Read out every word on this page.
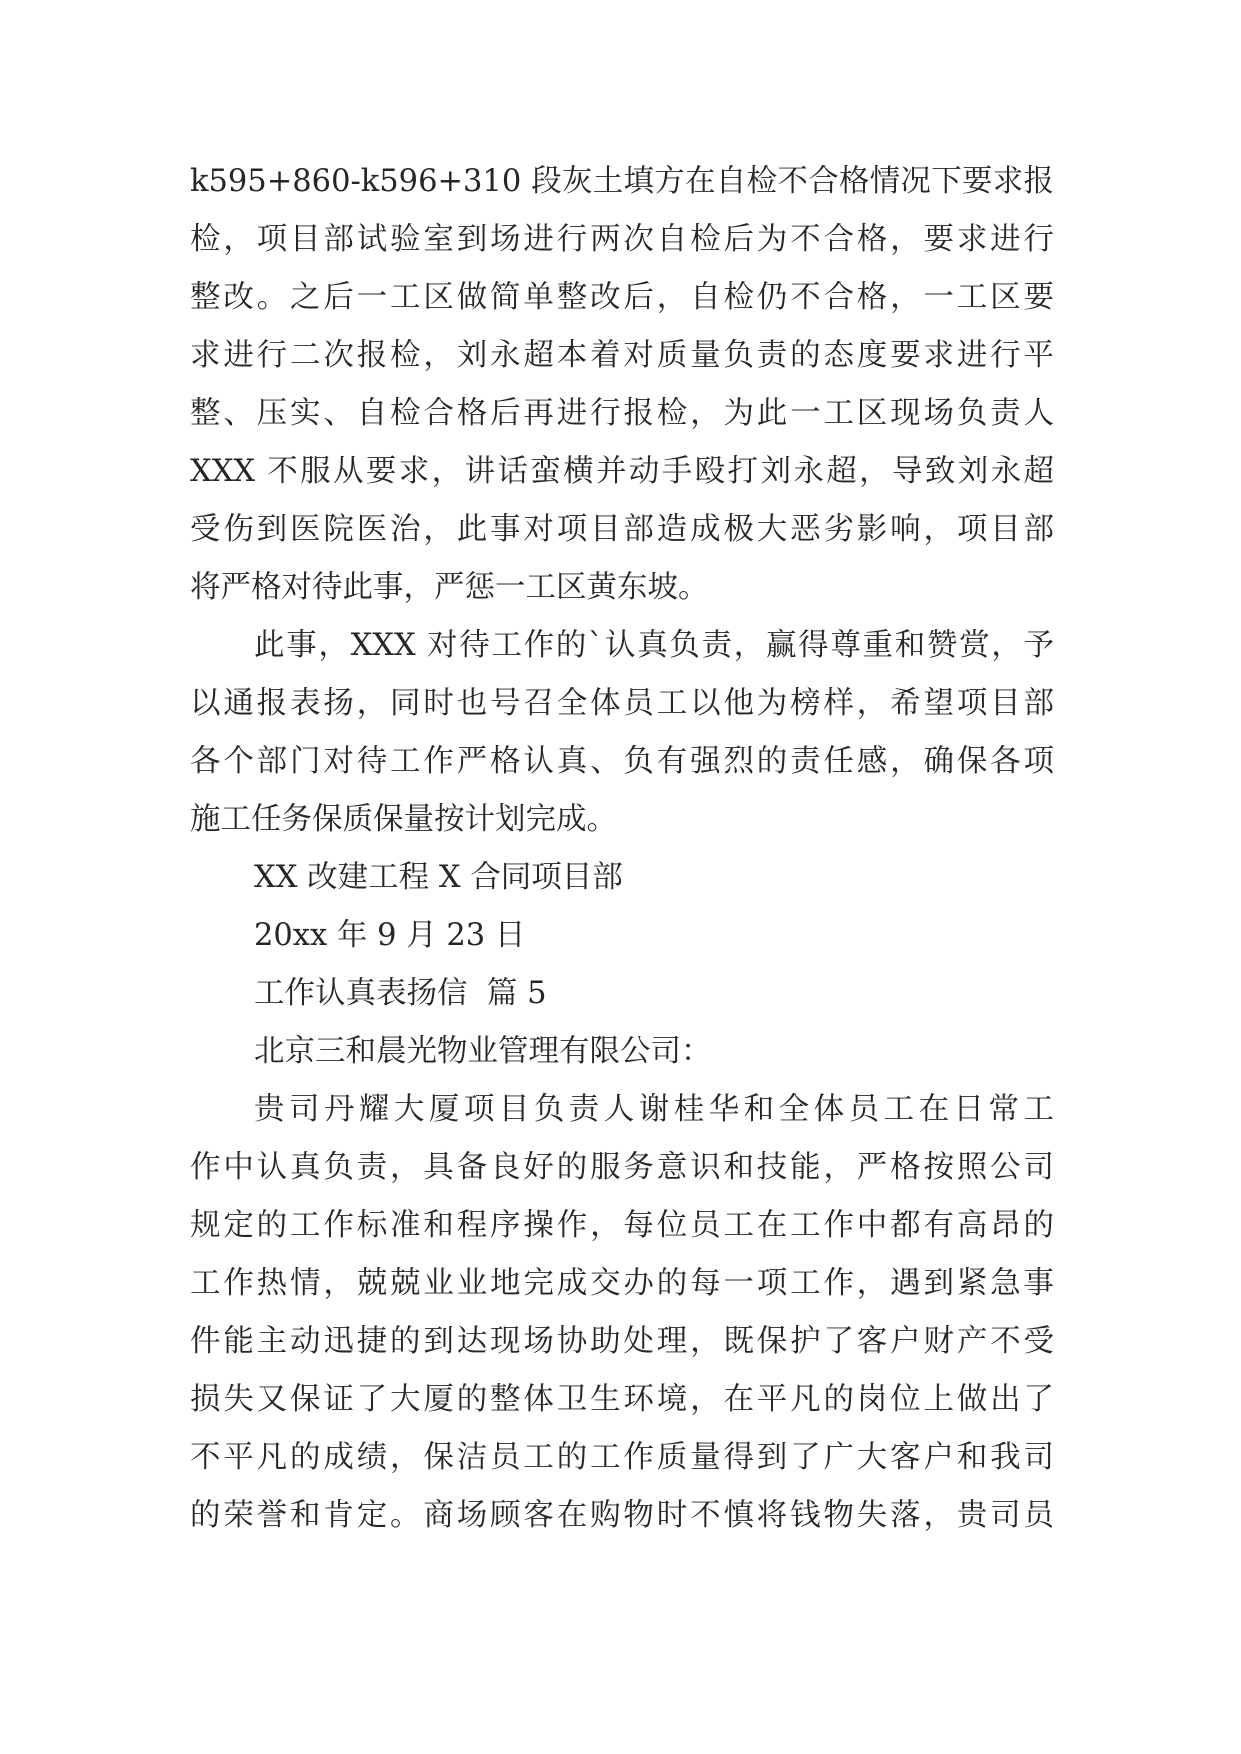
k595+860-k596+310 段灰土填方在自检不合格情况下要求报
检，项目部试验室到场进行两次自检后为不合格，要求进行
整改。之后一工区做简单整改后，自检仍不合格，一工区要
求进行二次报检，刘永超本着对质量负责的态度要求进行平
整、压实、自检合格后再进行报检，为此一工区现场负责人
XXX 不服从要求，讲话蛮横并动手殴打刘永超，导致刘永超
受伤到医院医治，此事对项目部造成极大恶劣影响，项目部
将严格对待此事，严惩一工区黄东坡。
此事，XXX 对待工作的`认真负责，赢得尊重和赞赏，予
以通报表扬，同时也号召全体员工以他为榜样，希望项目部
各个部门对待工作严格认真、负有强烈的责任感，确保各项
施工任务保质保量按计划完成。
XX 改建工程 X 合同项目部
20xx 年 9 月 23 日
工作认真表扬信  篇 5
北京三和晨光物业管理有限公司：
贵司丹耀大厦项目负责人谢桂华和全体员工在日常工
作中认真负责，具备良好的服务意识和技能，严格按照公司
规定的工作标准和程序操作，每位员工在工作中都有高昂的
工作热情，兢兢业业地完成交办的每一项工作，遇到紧急事
件能主动迅捷的到达现场协助处理，既保护了客户财产不受
损失又保证了大厦的整体卫生环境，在平凡的岗位上做出了
不平凡的成绩，保洁员工的工作质量得到了广大客户和我司
的荣誉和肯定。商场顾客在购物时不慎将钱物失落，贵司员
